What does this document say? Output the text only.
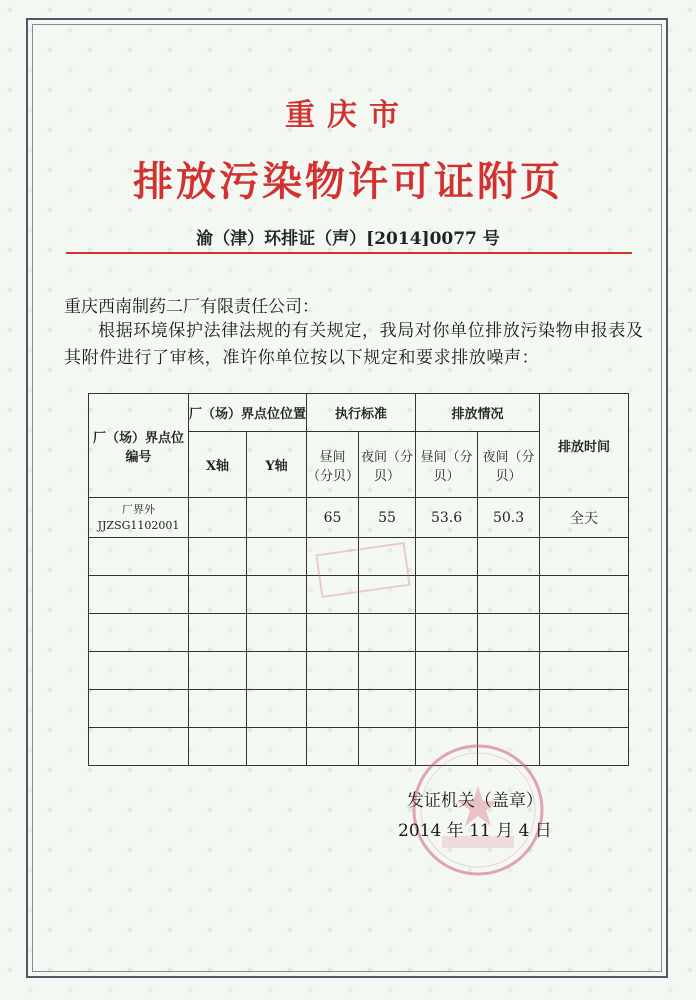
重庆市
排放污染物许可证附页
渝（津）环排证（声）[2014]0077 号
重庆西南制药二厂有限责任公司：
根据环境保护法律法规的有关规定，我局对你单位排放污染物申报表及其附件进行了审核，准许你单位按以下规定和要求排放噪声：
厂（场）界点位编号	厂（场）界点位位置		执行标准		排放情况		排放时间
	X轴	Y轴	昼间（分贝）	夜间（分贝）	昼间（分贝）	夜间（分贝）	

厂界外
JJZSG1102001			65	55	53.6	50.3	全天

发证机关（盖章）
2014 年 11 月 4 日
